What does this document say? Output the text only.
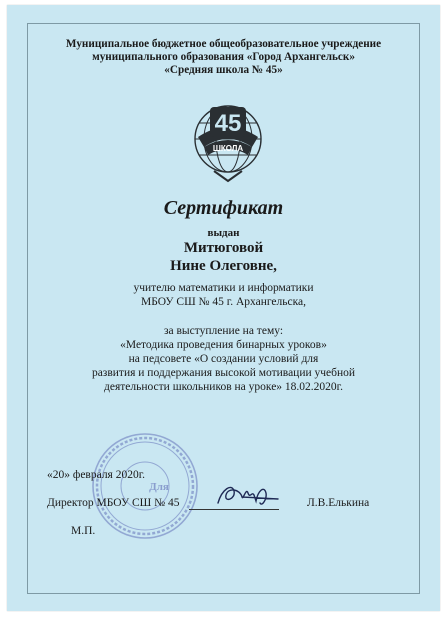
Муниципальное бюджетное общеобразовательное учреждение
муниципального образования «Город Архангельск»
«Средняя школа № 45»
45
ШКОЛА
Сертификат
выдан
Митюговой
Нине Олеговне,
учителю математики и информатики
МБОУ СШ № 45 г. Архангельска,
за выступление на тему:
«Методика проведения бинарных уроков»
на педсовете «О создании условий для
развития и поддержания высокой мотивации учебной
деятельности школьников на уроке» 18.02.2020г.
Для
«20» февраля 2020г.
Директор МБОУ СШ № 45	Л.В.Елькина
М.П.
